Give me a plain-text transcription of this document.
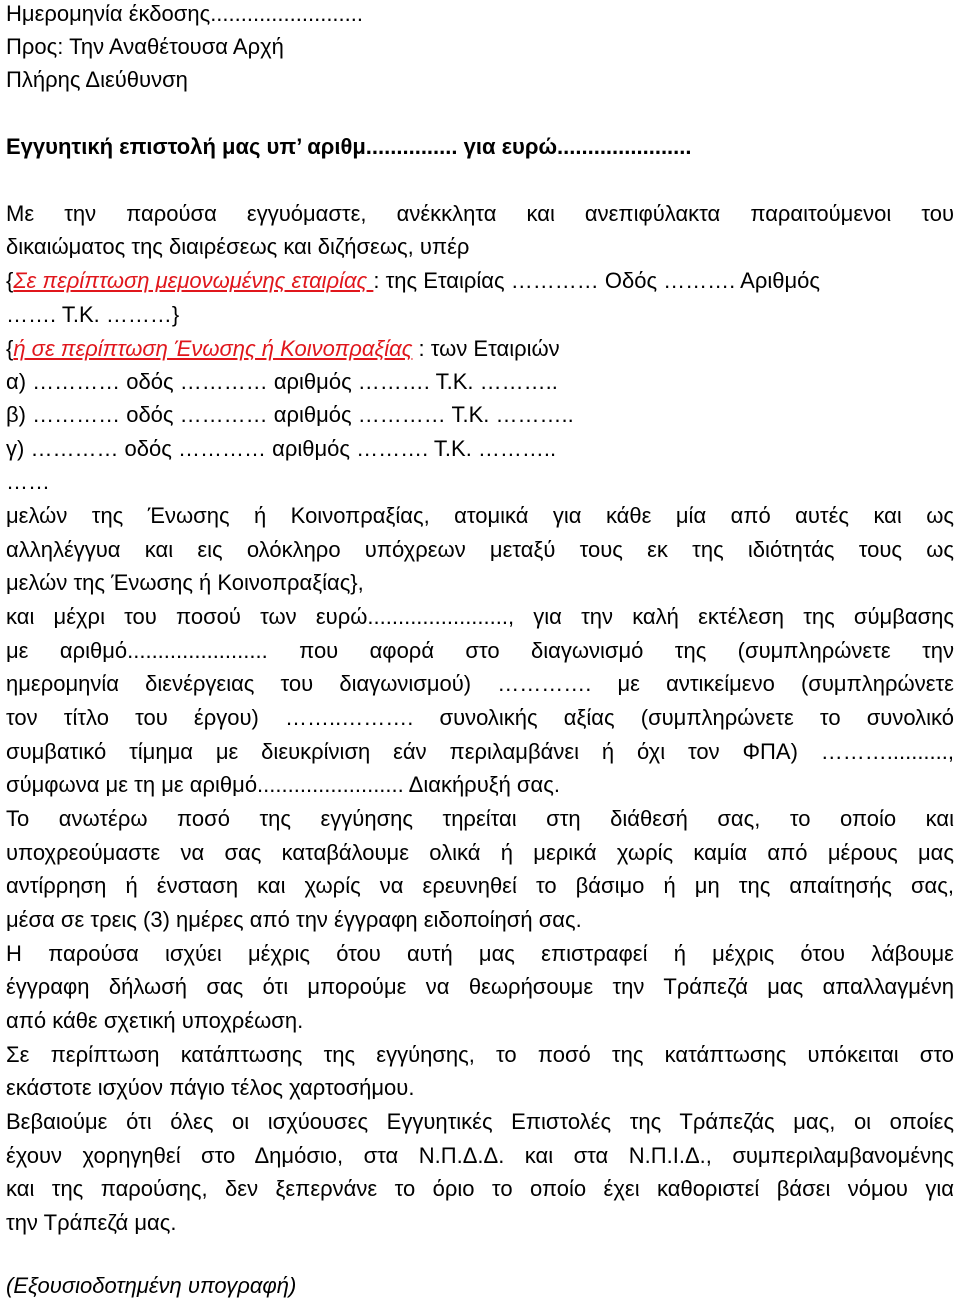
Ημερομηνία έκδοσης.........................
Προς: Την Αναθέτουσα Αρχή
Πλήρης Διεύθυνση
Εγγυητική επιστολή μας υπ’ αριθμ............... για ευρώ......................
Με την παρούσα εγγυόμαστε, ανέκκλητα και ανεπιφύλακτα παραιτούμενοι του
δικαιώματος της διαιρέσεως και διζήσεως, υπέρ
{Σε περίπτωση μεμονωμένης εταιρίας : της Εταιρίας ………… Οδός ………. Αριθμός
……. Τ.Κ. ………}
{ή σε περίπτωση Ένωσης ή Κοινοπραξίας : των Εταιριών
α) ………… οδός ………… αριθμός ………. Τ.Κ. ………..
β) ………… οδός ………… αριθμός ………… Τ.Κ. ………..
γ) ………… οδός ………… αριθμός ………. Τ.Κ. ………..
……
μελών της Ένωσης ή Κοινοπραξίας, ατομικά για κάθε μία από αυτές και ως
αλληλέγγυα και εις ολόκληρο υπόχρεων μεταξύ τους εκ της ιδιότητάς τους ως
μελών της Ένωσης ή Κοινοπραξίας},
και μέχρι του ποσού των ευρώ......................., για την καλή εκτέλεση της σύμβασης
με αριθμό....................... που αφορά στο διαγωνισμό της (συμπληρώνετε την
ημερομηνία διενέργειας του διαγωνισμού) …………. με αντικείμενο (συμπληρώνετε
τον τίτλο του έργου) ……..………. συνολικής αξίας (συμπληρώνετε το συνολικό
συμβατικό τίμημα με διευκρίνιση εάν περιλαμβάνει ή όχι τον ΦΠΑ) ………..........,
σύμφωνα με τη με αριθμό........................ Διακήρυξή σας.
Το ανωτέρω ποσό της εγγύησης τηρείται στη διάθεσή σας, το οποίο και
υποχρεούμαστε να σας καταβάλουμε ολικά ή μερικά χωρίς καμία από μέρους μας
αντίρρηση ή ένσταση και χωρίς να ερευνηθεί το βάσιμο ή μη της απαίτησής σας,
μέσα σε τρεις (3) ημέρες από την έγγραφη ειδοποίησή σας.
Η παρούσα ισχύει μέχρις ότου αυτή μας επιστραφεί ή μέχρις ότου λάβουμε
έγγραφη δήλωσή σας ότι μπορούμε να θεωρήσουμε την Τράπεζά μας απαλλαγμένη
από κάθε σχετική υποχρέωση.
Σε περίπτωση κατάπτωσης της εγγύησης, το ποσό της κατάπτωσης υπόκειται στο
εκάστοτε ισχύον πάγιο τέλος χαρτοσήμου.
Βεβαιούμε ότι όλες οι ισχύουσες Εγγυητικές Επιστολές της Τράπεζάς μας, οι οποίες
έχουν χορηγηθεί στο Δημόσιο, στα Ν.Π.Δ.Δ. και στα Ν.Π.Ι.Δ., συμπεριλαμβανομένης
και της παρούσης, δεν ξεπερνάνε το όριο το οποίο έχει καθοριστεί βάσει νόμου για
την Τράπεζά μας.
(Εξουσιοδοτημένη υπογραφή)
